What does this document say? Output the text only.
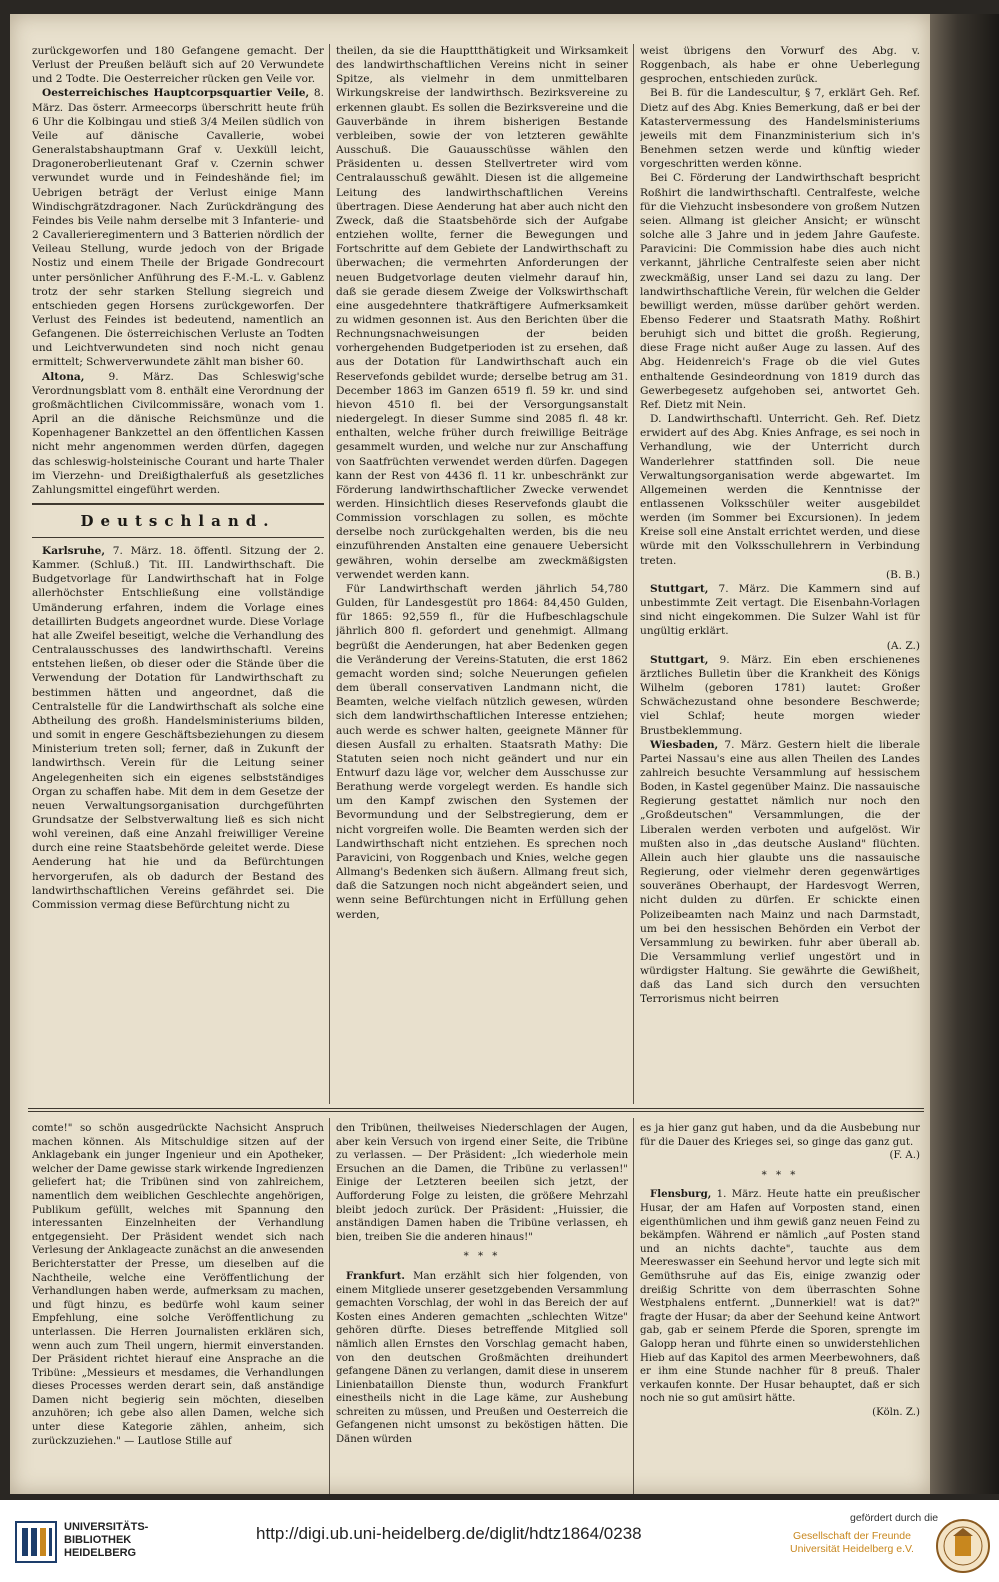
zurückgeworfen und 180 Gefangene gemacht. Der Verlust der Preußen beläuft sich auf 20 Verwundete und 2 Todte. Die Oesterreicher rücken gen Veile vor.

Oesterreichisches Hauptcorpsquartier Veile, 8. März. Das österr. Armeecorps überschritt heute früh 6 Uhr die Kolbingau und stieß 3/4 Meilen südlich von Veile auf dänische Cavallerie, wobei Generalstabshauptmann Graf v. Uexküll leicht, Dragoneroberlieutenant Graf v. Czernin schwer verwundet wurde und in Feindeshände fiel; im Uebrigen beträgt der Verlust einige Mann Windischgrätzdragoner. Nach Zurückdrängung des Feindes bis Veile nahm derselbe mit 3 Infanterie- und 2 Cavallerieregimentern und 3 Batterien nördlich der Veileau Stellung, wurde jedoch von der Brigade Nostiz und einem Theile der Brigade Gondrecourt unter persönlicher Anführung des F.-M.-L. v. Gablenz trotz der sehr starken Stellung siegreich und entschieden gegen Horsens zurückgeworfen. Der Verlust des Feindes ist bedeutend, namentlich an Gefangenen. Die österreichischen Verluste an Todten und Leichtverwundeten sind noch nicht genau ermittelt; Schwerverwundete zählt man bisher 60.

Altona, 9. März. Das Schleswig'sche Verordnungsblatt vom 8. enthält eine Verordnung der großmächtlichen Civilcommissäre, wonach vom 1. April an die dänische Reichsmünze und die Kopenhagener Bankzettel an den öffentlichen Kassen nicht mehr angenommen werden dürfen, dagegen das schleswig-holsteinische Courant und harte Thaler im Vierzehn- und Dreißigthalerfuß als gesetzliches Zahlungsmittel eingeführt werden.

Deutschland.

Karlsruhe, 7. März. 18. öffentl. Sitzung der 2. Kammer. (Schluß.) Tit. III. Landwirthschaft. Die Budgetvorlage für Landwirthschaft hat in Folge allerhöchster Entschließung eine vollständige Umänderung erfahren, indem die Vorlage eines detaillirten Budgets angeordnet wurde. Diese Vorlage hat alle Zweifel beseitigt, welche die Verhandlung des Centralausschusses des landwirthschaftl. Vereins entstehen ließen, ob dieser oder die Stände über die Verwendung der Dotation für Landwirthschaft zu bestimmen hätten und angeordnet, daß die Centralstelle für die Landwirthschaft als solche eine Abtheilung des großh. Handelsministeriums bilden, und somit in engere Geschäftsbeziehungen zu diesem Ministerium treten soll; ferner, daß in Zukunft der landwirthsch. Verein für die Leitung seiner Angelegenheiten sich ein eigenes selbstständiges Organ zu schaffen habe. Mit dem in dem Gesetze der neuen Verwaltungsorganisation durchgeführten Grundsatze der Selbstverwaltung ließ es sich nicht wohl vereinen, daß eine Anzahl freiwilliger Vereine durch eine reine Staatsbehörde geleitet werde. Diese Aenderung hat hie und da Befürchtungen hervorgerufen, als ob dadurch der Bestand des landwirthschaftlichen Vereins gefährdet sei. Die Commission vermag diese Befürchtung nicht zu

theilen, da sie die Haupttthätigkeit und Wirksamkeit des landwirthschaftlichen Vereins nicht in seiner Spitze, als vielmehr in dem unmittelbaren Wirkungskreise der landwirthsch. Bezirksvereine zu erkennen glaubt. Es sollen die Bezirksvereine und die Gauverbände in ihrem bisherigen Bestande verbleiben, sowie der von letzteren gewählte Ausschuß. Die Gauausschüsse wählen den Präsidenten u. dessen Stellvertreter wird vom Centralausschuß gewählt. Diesen ist die allgemeine Leitung des landwirthschaftlichen Vereins übertragen. Diese Aenderung hat aber auch nicht den Zweck, daß die Staatsbehörde sich der Aufgabe entziehen wollte, ferner die Bewegungen und Fortschritte auf dem Gebiete der Landwirthschaft zu überwachen; die vermehrten Anforderungen der neuen Budgetvorlage deuten vielmehr darauf hin, daß sie gerade diesem Zweige der Volkswirthschaft eine ausgedehntere thatkräftigere Aufmerksamkeit zu widmen gesonnen ist. Aus den Berichten über die Rechnungsnachweisungen der beiden vorhergehenden Budgetperioden ist zu ersehen, daß aus der Dotation für Landwirthschaft auch ein Reservefonds gebildet wurde; derselbe betrug am 31. December 1863 im Ganzen 6519 fl. 59 kr. und sind hievon 4510 fl. bei der Versorgungsanstalt niedergelegt. In dieser Summe sind 2085 fl. 48 kr. enthalten, welche früher durch freiwillige Beiträge gesammelt wurden, und welche nur zur Anschaffung von Saatfrüchten verwendet werden dürfen. Dagegen kann der Rest von 4436 fl. 11 kr. unbeschränkt zur Förderung landwirthschaftlicher Zwecke verwendet werden. Hinsichtlich dieses Reservefonds glaubt die Commission vorschlagen zu sollen, es möchte derselbe noch zurückgehalten werden, bis die neu einzuführenden Anstalten eine genauere Uebersicht gewähren, wohin derselbe am zweckmäßigsten verwendet werden kann.

Für Landwirthschaft werden jährlich 54,780 Gulden, für Landesgestüt pro 1864: 84,450 Gulden, für 1865: 92,559 fl., für die Hufbeschlagschule jährlich 800 fl. gefordert und genehmigt. Allmang begrüßt die Aenderungen, hat aber Bedenken gegen die Veränderung der Vereins-Statuten, die erst 1862 gemacht worden sind; solche Neuerungen gefielen dem überall conservativen Landmann nicht, die Beamten, welche vielfach nützlich gewesen, würden sich dem landwirthschaftlichen Interesse entziehen; auch werde es schwer halten, geeignete Männer für diesen Ausfall zu erhalten. Staatsrath Mathy: Die Statuten seien noch nicht geändert und nur ein Entwurf dazu läge vor, welcher dem Ausschusse zur Berathung werde vorgelegt werden. Es handle sich um den Kampf zwischen den Systemen der Bevormundung und der Selbstregierung, dem er nicht vorgreifen wolle. Die Beamten werden sich der Landwirthschaft nicht entziehen. Es sprechen noch Paravicini, von Roggenbach und Knies, welche gegen Allmang's Bedenken sich äußern. Allmang freut sich, daß die Satzungen noch nicht abgeändert seien, und wenn seine Befürchtungen nicht in Erfüllung gehen werden,

weist übrigens den Vorwurf des Abg. v. Roggenbach, als habe er ohne Ueberlegung gesprochen, entschieden zurück.

Bei B. für die Landescultur, § 7, erklärt Geh. Ref. Dietz auf des Abg. Knies Bemerkung, daß er bei der Katastervermessung des Handelsministeriums jeweils mit dem Finanzministerium sich in's Benehmen setzen werde und künftig wieder vorgeschritten werden könne.

Bei C. Förderung der Landwirthschaft bespricht Roßhirt die landwirthschaftl. Centralfeste, welche für die Viehzucht insbesondere von großem Nutzen seien. Allmang ist gleicher Ansicht; er wünscht solche alle 3 Jahre und in jedem Jahre Gaufeste. Paravicini: Die Commission habe dies auch nicht verkannt, jährliche Centralfeste seien aber nicht zweckmäßig, unser Land sei dazu zu lang. Der landwirthschaftliche Verein, für welchen die Gelder bewilligt werden, müsse darüber gehört werden. Ebenso Federer und Staatsrath Mathy. Roßhirt beruhigt sich und bittet die großh. Regierung, diese Frage nicht außer Auge zu lassen. Auf des Abg. Heidenreich's Frage ob die viel Gutes enthaltende Gesindeordnung von 1819 durch das Gewerbegesetz aufgehoben sei, antwortet Geh. Ref. Dietz mit Nein.

D. Landwirthschaftl. Unterricht. Geh. Ref. Dietz erwidert auf des Abg. Knies Anfrage, es sei noch in Verhandlung, wie der Unterricht durch Wanderlehrer stattfinden soll. Die neue Verwaltungsorganisation werde abgewartet. Im Allgemeinen werden die Kenntnisse der entlassenen Volksschüler weiter ausgebildet werden (im Sommer bei Excursionen). In jedem Kreise soll eine Anstalt errichtet werden, und diese würde mit den Volksschullehrern in Verbindung treten.
(B. B.)

Stuttgart, 7. März. Die Kammern sind auf unbestimmte Zeit vertagt. Die Eisenbahn-Vorlagen sind nicht eingekommen. Die Sulzer Wahl ist für ungültig erklärt.
(A. Z.)

Stuttgart, 9. März. Ein eben erschienenes ärztliches Bulletin über die Krankheit des Königs Wilhelm (geboren 1781) lautet: Großer Schwächezustand ohne besondere Beschwerde; viel Schlaf; heute morgen wieder Brustbeklemmung.

Wiesbaden, 7. März. Gestern hielt die liberale Partei Nassau's eine aus allen Theilen des Landes zahlreich besuchte Versammlung auf hessischem Boden, in Kastel gegenüber Mainz. Die nassauische Regierung gestattet nämlich nur noch den „Großdeutschen" Versammlungen, die der Liberalen werden verboten und aufgelöst. Wir mußten also in „das deutsche Ausland" flüchten. Allein auch hier glaubte uns die nassauische Regierung, oder vielmehr deren gegenwärtiges souveränes Oberhaupt, der Hardesvogt Werren, nicht dulden zu dürfen. Er schickte einen Polizeibeamten nach Mainz und nach Darmstadt, um bei den hessischen Behörden ein Verbot der Versammlung zu bewirken. fuhr aber überall ab. Die Versammlung verlief ungestört und in würdigster Haltung. Sie gewährte die Gewißheit, daß das Land sich durch den versuchten Terrorismus nicht beirren

comte!" so schön ausgedrückte Nachsicht Anspruch machen können. Als Mitschuldige sitzen auf der Anklagebank ein junger Ingenieur und ein Apotheker, welcher der Dame gewisse stark wirkende Ingredienzen geliefert hat; die Tribünen sind von zahlreichem, namentlich dem weiblichen Geschlechte angehörigen, Publikum gefüllt, welches mit Spannung den interessanten Einzelnheiten der Verhandlung entgegensieht. Der Präsident wendet sich nach Verlesung der Anklageacte zunächst an die anwesenden Berichterstatter der Presse, um dieselben auf die Nachtheile, welche eine Veröffentlichung der Verhandlungen haben werde, aufmerksam zu machen, und fügt hinzu, es bedürfe wohl kaum seiner Empfehlung, eine solche Veröffentlichung zu unterlassen. Die Herren Journalisten erklären sich, wenn auch zum Theil ungern, hiermit einverstanden. Der Präsident richtet hierauf eine Ansprache an die Tribüne: „Messieurs et mesdames, die Verhandlungen dieses Processes werden derart sein, daß anständige Damen nicht begierig sein möchten, dieselben anzuhören; ich gebe also allen Damen, welche sich unter diese Kategorie zählen, anheim, sich zurückzuziehen." — Lautlose Stille auf

den Tribünen, theilweises Niederschlagen der Augen, aber kein Versuch von irgend einer Seite, die Tribüne zu verlassen. — Der Präsident: „Ich wiederhole mein Ersuchen an die Damen, die Tribüne zu verlassen!" Einige der Letzteren beeilen sich jetzt, der Aufforderung Folge zu leisten, die größere Mehrzahl bleibt jedoch zurück. Der Präsident: „Huissier, die anständigen Damen haben die Tribüne verlassen, eh bien, treiben Sie die anderen hinaus!"

* * *

Frankfurt. Man erzählt sich hier folgenden, von einem Mitgliede unserer gesetzgebenden Versammlung gemachten Vorschlag, der wohl in das Bereich der auf Kosten eines Anderen gemachten „schlechten Witze" gehören dürfte. Dieses betreffende Mitglied soll nämlich allen Ernstes den Vorschlag gemacht haben, von den deutschen Großmächten dreihundert gefangene Dänen zu verlangen, damit diese in unserem Linienbataillon Dienste thun, wodurch Frankfurt einestheils nicht in die Lage käme, zur Aushebung schreiten zu müssen, und Preußen und Oesterreich die Gefangenen nicht umsonst zu beköstigen hätten. Die Dänen würden

es ja hier ganz gut haben, und da die Ausbebung nur für die Dauer des Krieges sei, so ginge das ganz gut.
(F. A.)

* * *

Flensburg, 1. März. Heute hatte ein preußischer Husar, der am Hafen auf Vorposten stand, einen eigenthümlichen und ihm gewiß ganz neuen Feind zu bekämpfen. Während er nämlich „auf Posten stand und an nichts dachte", tauchte aus dem Meereswasser ein Seehund hervor und legte sich mit Gemüthsruhe auf das Eis, einige zwanzig oder dreißig Schritte von dem überraschten Sohne Westphalens entfernt. „Dunnerkiel! wat is dat?" fragte der Husar; da aber der Seehund keine Antwort gab, gab er seinem Pferde die Sporen, sprengte im Galopp heran und führte einen so unwiderstehlichen Hieb auf das Kapitol des armen Meerbewohners, daß er ihm eine Stunde nachher für 8 preuß. Thaler verkaufen konnte. Der Husar behauptet, daß er sich noch nie so gut amüsirt hätte.
(Köln. Z.)

UNIVERSITÄTS-
BIBLIOTHEK
HEIDELBERG
http://digi.ub.uni-heidelberg.de/diglit/hdtz1864/0238
gefördert durch die
Gesellschaft der Freunde
Universität Heidelberg e.V.
